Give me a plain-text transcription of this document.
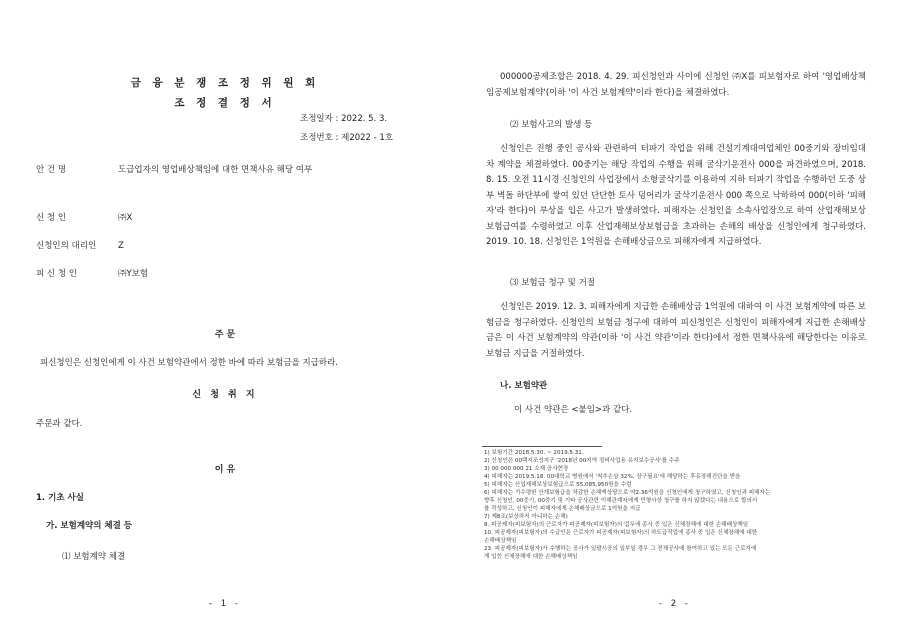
금 융 분 쟁 조 정 위 원 회
조 정 결 정 서
조정일자 : 2022. 5. 3.
조정번호 : 제2022 - 1호
안 건 명	도급업자의 영업배상책임에 대한 면책사유 해당 여부
신 청 인	㈜X
신청인의 대리인	Z
피 신 청 인	㈜Y보험
주 문
피신청인은 신청인에게 이 사건 보험약관에서 정한 바에 따라 보험금을 지급하라.
신 청 취 지
주문과 같다.
이 유
1. 기초 사실
가. 보험계약의 체결 등
⑴ 보험계약 체결
- 1 -
000000공제조합은 2018. 4. 29. 피신청인과 사이에 신청인 ㈜X를 피보험자로 하여 '영업배상책임공제보험계약'(이하 '이 사건 보험계약'이라 한다)을 체결하였다.
⑵ 보험사고의 발생 등
신청인은 진행 중인 공사와 관련하여 터파기 작업을 위해 건설기계대여업체인 00중기와 장비임대차 계약을 체결하였다. 00중기는 해당 작업의 수행을 위해 굴삭기운전사 000을 파견하였으며, 2018. 8. 15. 오전 11시경 신청인의 사업장에서 소형굴삭기를 이용하여 지하 터파기 작업을 수행하던 도중 상부 벽돌 하단부에 쌓여 있던 단단한 토사 덩어리가 굴삭기운전사 000 쪽으로 낙하하여 000(이하 '피해자'라 한다)이 부상을 입은 사고가 발생하였다. 피해자는 신청인을 소속사업장으로 하여 산업재해보상보험급여를 수령하였고 이후 산업재해보상보험급을 초과하는 손해의 배상을 신청인에게 청구하였다. 2019. 10. 18. 신청인은 1억원을 손해배상금으로 피해자에게 지급하였다.
⑶ 보험금 청구 및 거절
신청인은 2019. 12. 3. 피해자에게 지급한 손해배상금 1억원에 대하여 이 사건 보험계약에 따른 보험금을 청구하였다. 신청인의 보험금 청구에 대하여 피신청인은 신청인이 피해자에게 지급한 손해배상금은 이 사건 보험계약의 약관(이하 '이 사건 약관'이라 한다)에서 정한 면책사유에 해당한다는 이유로 보험금 지급을 거절하였다.
나. 보험약관
이 사건 약관은 <붙임>과 같다.
1) 보험기간 2018.5.30. ~ 2019.5.31.
2) 신청인은 00택지조성지구 '2018년 00지역 정비사업용 유지보수공사'를 수주
3) 00 000 000 21 소재 공사현장
4) 피해자는 2019.5.18. 00대학교 병원에서 '척추손상 32%, 장구필요'에 해당하는 후유장해진단을 받음
5) 피해자는 산업재해보상보험급으로 55,085,950원을 수령
6) 피해자는 기수령한 산재보험급을 차감한 손해액상당으로 약2.36억원을 신청인에게 청구하였고, 신청인과 피해자는
향후 신청인, 00중기, 00중기 및 기타 공사관련 이해관계자에게 민형사상 청구를 하지 않겠다는 내용으로 합의서
를 작성하고, 신청인이 피해자에게 손해배상금으로 1억원을 지급
7) 제8조(보상하지 아니하는 손해)
8. 피공제자(피보험자)의 근로자가 피공제자(피보험자)의 업무에 종사 중 입은 신체장해에 대한 손해배상책임
10. 피공제자(피보험자)의 수급인은 근로자가 피공제자(피보험자)의 하도급작업에 종사 중 입은 신체장해에 대한
손해배상책임
23. 피공제자(피보험자)가 수행하는 공사가 일괄시공의 일부일 경우 그 전체공사에 참여하고 있는 모든 근로자에
게 입힌 신체장해에 대한 손해배상책임
- 2 -
